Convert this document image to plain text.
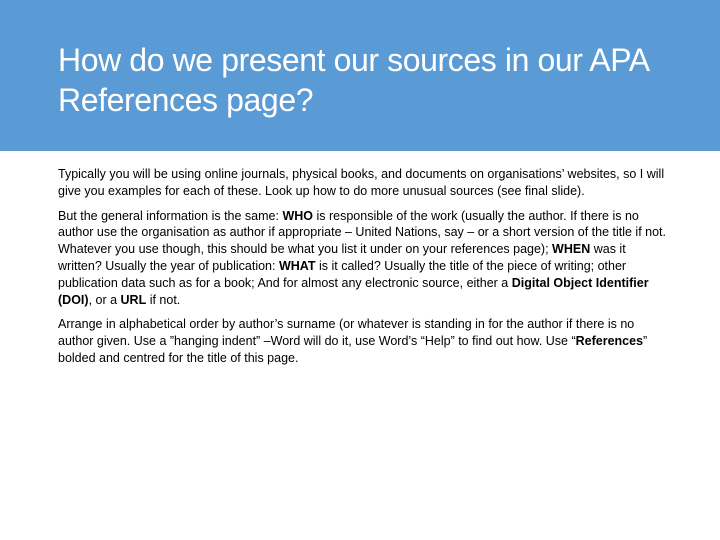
How do we present our sources in our APA References page?

Typically you will be using online journals, physical books, and documents on organisations’ websites, so I will give you examples for each of these. Look up how to do more unusual sources (see final slide).

But the general information is the same: WHO is responsible of the work (usually the author. If there is no author use the organisation as author if appropriate – United Nations, say – or a short version of the title if not. Whatever you use though, this should be what you list it under on your references page); WHEN was it written? Usually the year of publication: WHAT is it called? Usually the title of the piece of writing; other publication data such as for a book; And for almost any electronic source, either a Digital Object Identifier (DOI), or a URL if not.

Arrange in alphabetical order by author’s surname (or whatever is standing in for the author if there is no author given. Use a ”hanging indent” –Word will do it, use Word’s “Help” to find out how. Use “References” bolded and centred for the title of this page.
